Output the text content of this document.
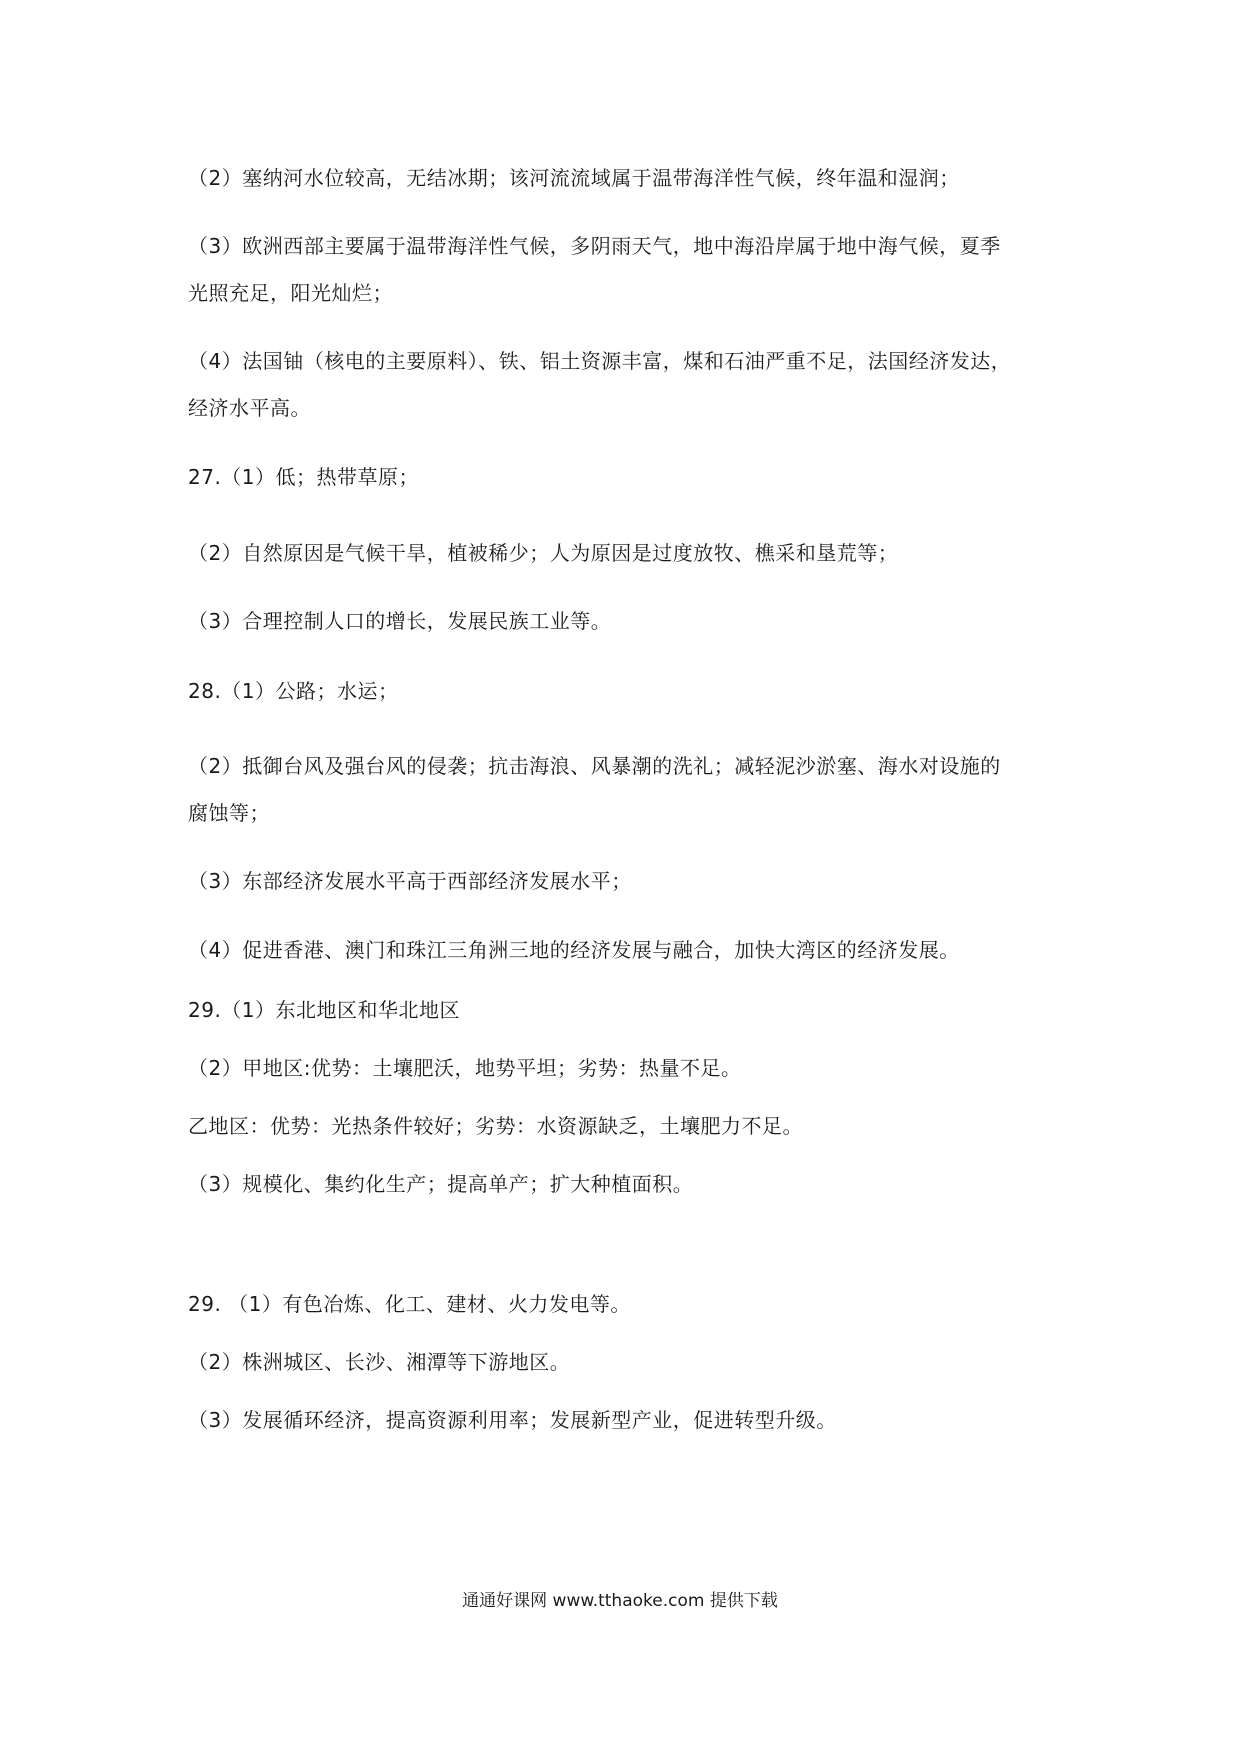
（2）塞纳河水位较高，无结冰期；该河流流域属于温带海洋性气候，终年温和湿润；
（3）欧洲西部主要属于温带海洋性气候，多阴雨天气，地中海沿岸属于地中海气候，夏季
光照充足，阳光灿烂；
（4）法国铀（核电的主要原料）、铁、铝土资源丰富，煤和石油严重不足，法国经济发达，
经济水平高。
27.（1）低；热带草原；
（2）自然原因是气候干旱，植被稀少；人为原因是过度放牧、樵采和垦荒等；
（3）合理控制人口的增长，发展民族工业等。
28.（1）公路；水运；
（2）抵御台风及强台风的侵袭；抗击海浪、风暴潮的洗礼；减轻泥沙淤塞、海水对设施的
腐蚀等；
（3）东部经济发展水平高于西部经济发展水平；
（4）促进香港、澳门和珠江三角洲三地的经济发展与融合，加快大湾区的经济发展。
29.（1）东北地区和华北地区
（2）甲地区:优势：土壤肥沃，地势平坦；劣势：热量不足。
乙地区：优势：光热条件较好；劣势：水资源缺乏，土壤肥力不足。
（3）规模化、集约化生产；提高单产；扩大种植面积。
29. （1）有色冶炼、化工、建材、火力发电等。
（2）株洲城区、长沙、湘潭等下游地区。
（3）发展循环经济，提高资源利用率；发展新型产业，促进转型升级。
通通好课网 www.tthaoke.com 提供下载
